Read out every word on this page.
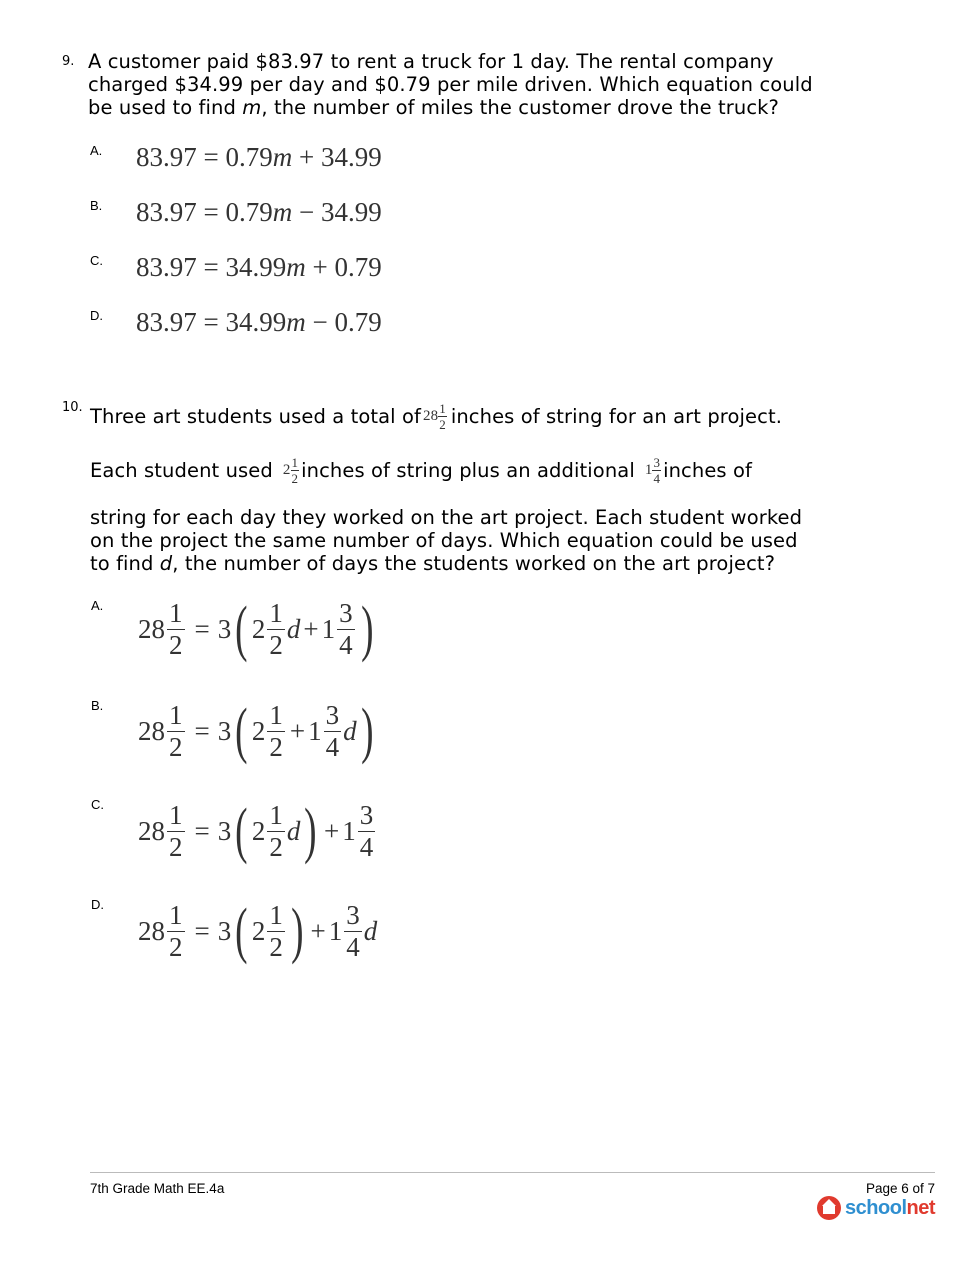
9. A customer paid $83.97 to rent a truck for 1 day. The rental company
charged $34.99 per day and $0.79 per mile driven. Which equation could
be used to find m, the number of miles the customer drove the truck?
A. 83.97 = 0.79m + 34.99
B. 83.97 = 0.79m − 34.99
C. 83.97 = 34.99m + 0.79
D. 83.97 = 34.99m − 0.79
10. Three art students used a total of $28 \frac{1}{2}$ inches of string for an art project.
Each student used $2 \frac{1}{2}$ inches of string plus an additional $1 \frac{3}{4}$ inches of
string for each day they worked on the art project. Each student worked
on the project the same number of days. Which equation could be used
to find d, the number of days the students worked on the art project?
A.
$28 \frac{1}{2} = 3$ ( $2 \frac{1}{2}$ $d + 1 \frac{3}{4}$ )
B.
$28 \frac{1}{2} = 3$ ( $2 \frac{1}{2} + 1 \frac{3}{4}$ d )
C.
$28 \frac{1}{2} = 3$ ( $2 \frac{1}{2}$ d ) + $1 \frac{3}{4}$
D.
$28 \frac{1}{2} = 3$ ( $2 \frac{1}{2}$ ) + $1 \frac{3}{4}$ d
7th Grade Math EE.4a	Page 6 of 7
schoolnet
